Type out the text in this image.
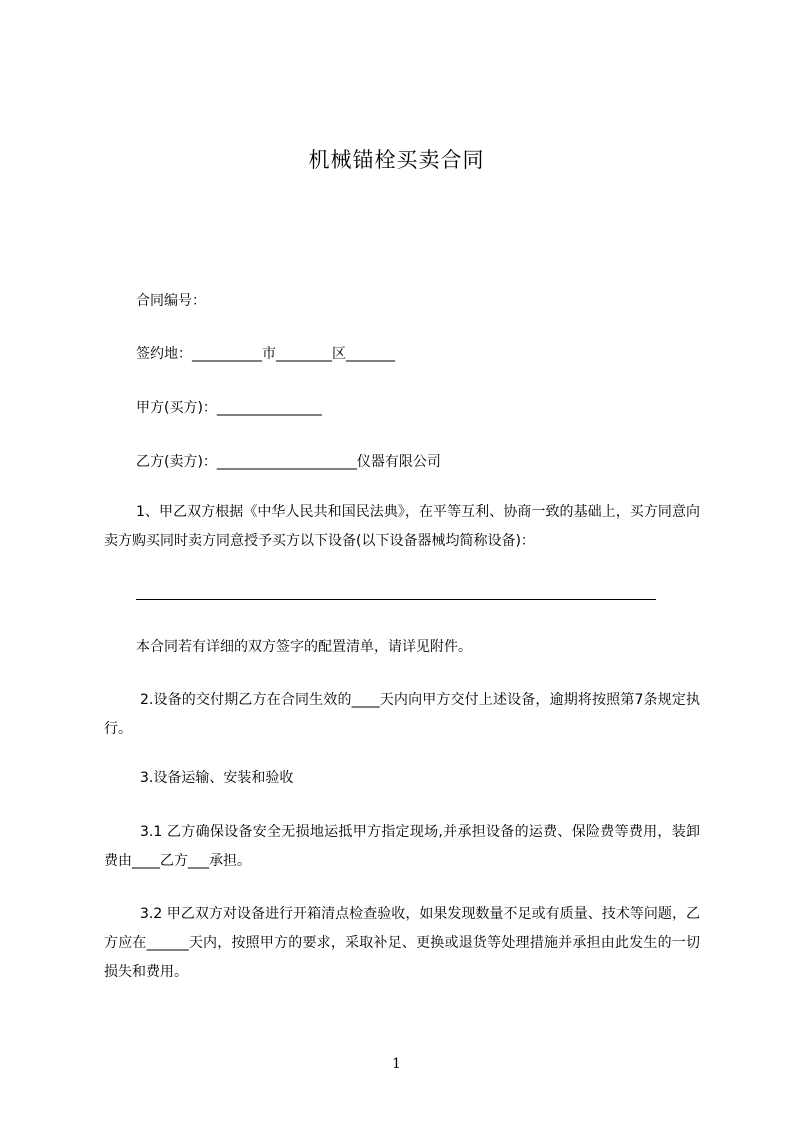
机械锚栓买卖合同
合同编号：
签约地：__________市________区_______
甲方(买方)：_______________
乙方(卖方)：____________________仪器有限公司
1、甲乙双方根据《中华人民共和国民法典》，在平等互利、协商一致的基础上，买方同意向卖方购买同时卖方同意授予买方以下设备(以下设备器械均简称设备)：
本合同若有详细的双方签字的配置清单，请详见附件。
2.设备的交付期乙方在合同生效的____天内向甲方交付上述设备，逾期将按照第7条规定执行。
3.设备运输、安装和验收
3.1 乙方确保设备安全无损地运抵甲方指定现场,并承担设备的运费、保险费等费用，装卸费由____乙方___承担。
3.2 甲乙双方对设备进行开箱清点检查验收，如果发现数量不足或有质量、技术等问题，乙方应在______天内，按照甲方的要求，采取补足、更换或退货等处理措施并承担由此发生的一切损失和费用。
1
